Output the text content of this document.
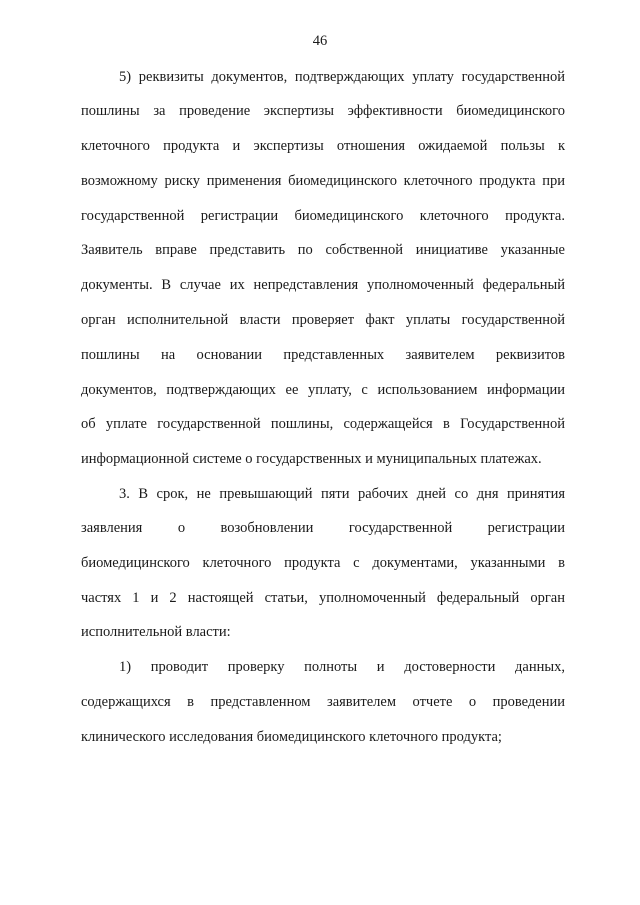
46
5) реквизиты документов, подтверждающих уплату государственной
пошлины за проведение экспертизы эффективности биомедицинского
клеточного продукта и экспертизы отношения ожидаемой пользы к
возможному риску применения биомедицинского клеточного продукта при
государственной регистрации биомедицинского клеточного продукта.
Заявитель вправе представить по собственной инициативе указанные
документы. В случае их непредставления уполномоченный федеральный
орган исполнительной власти проверяет факт уплаты государственной
пошлины на основании представленных заявителем реквизитов
документов, подтверждающих ее уплату, с использованием информации
об уплате государственной пошлины, содержащейся в Государственной
информационной системе о государственных и муниципальных платежах.
3. В срок, не превышающий пяти рабочих дней со дня принятия
заявления о возобновлении государственной регистрации
биомедицинского клеточного продукта с документами, указанными в
частях 1 и 2 настоящей статьи, уполномоченный федеральный орган
исполнительной власти:
1) проводит проверку полноты и достоверности данных,
содержащихся в представленном заявителем отчете о проведении
клинического исследования биомедицинского клеточного продукта;
